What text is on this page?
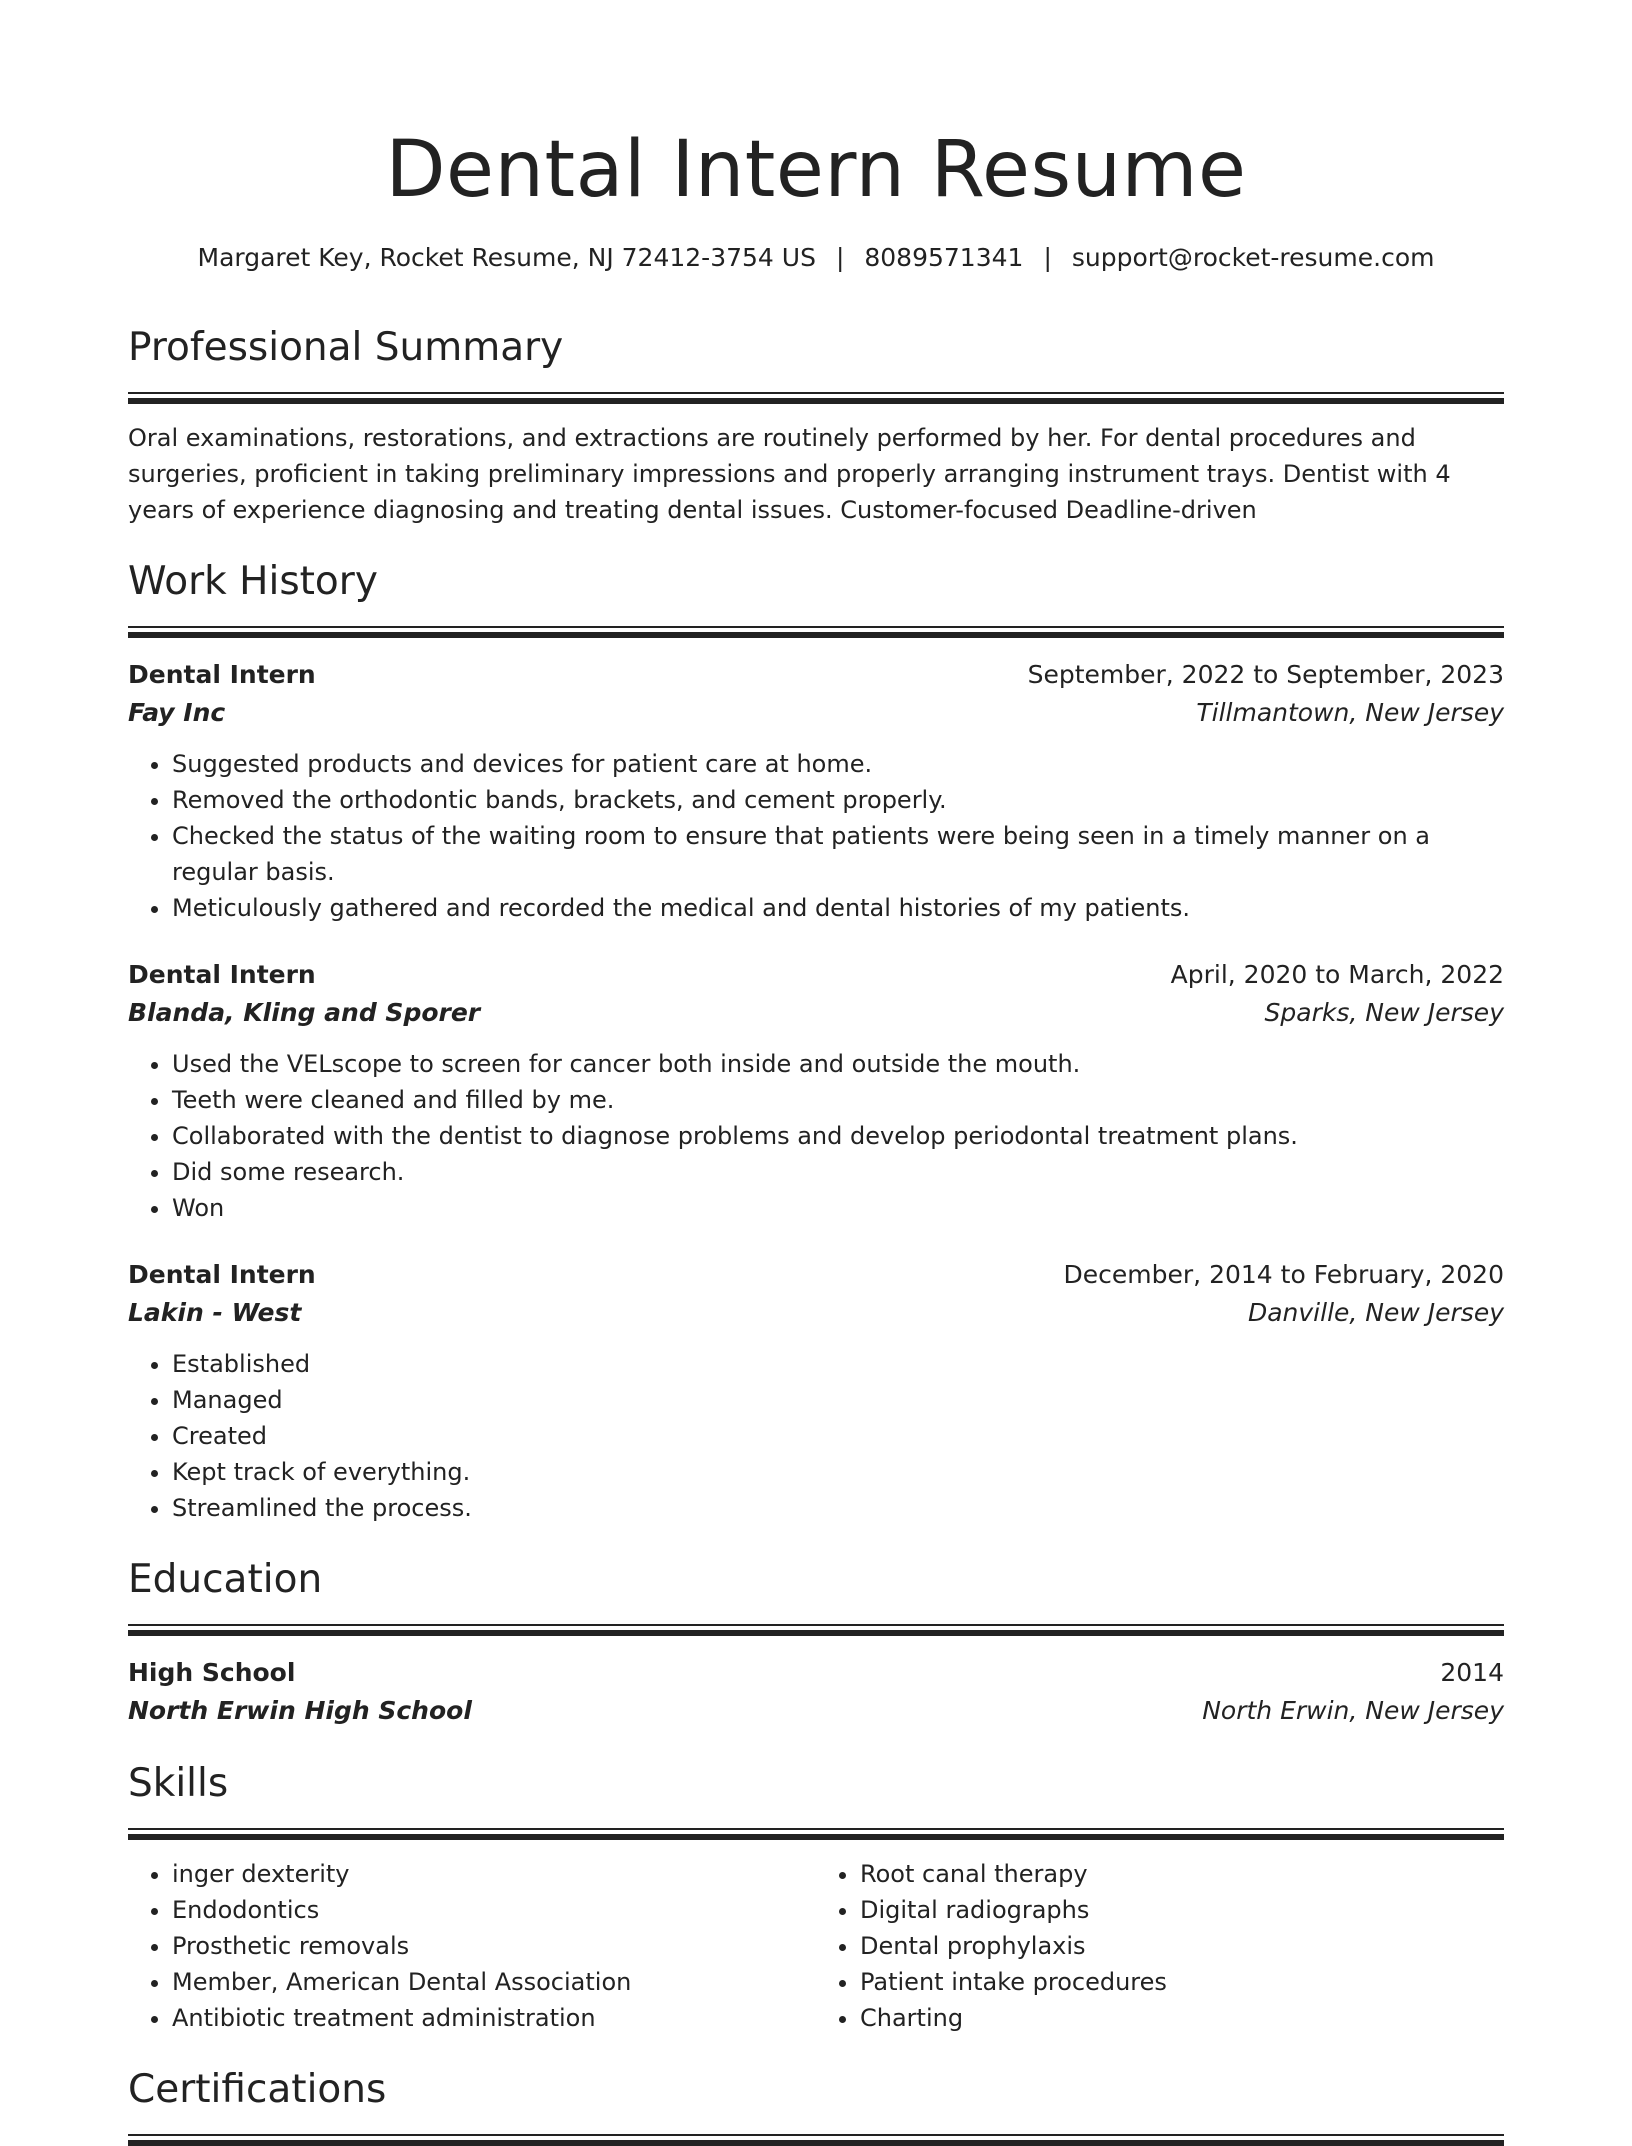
Dental Intern Resume
Margaret Key, Rocket Resume, NJ 72412-3754 US | 8089571341 | support@rocket-resume.com
Professional Summary

Oral examinations, restorations, and extractions are routinely performed by her. For dental procedures and surgeries, proficient in taking preliminary impressions and properly arranging instrument trays. Dentist with 4 years of experience diagnosing and treating dental issues. Customer-focused Deadline-driven

Work History
Dental Intern	September, 2022 to September, 2023
Fay Inc	Tillmantown, New Jersey
• Suggested products and devices for patient care at home.
• Removed the orthodontic bands, brackets, and cement properly.
• Checked the status of the waiting room to ensure that patients were being seen in a timely manner on a regular basis.
• Meticulously gathered and recorded the medical and dental histories of my patients.
Dental Intern	April, 2020 to March, 2022
Blanda, Kling and Sporer	Sparks, New Jersey
• Used the VELscope to screen for cancer both inside and outside the mouth.
• Teeth were cleaned and filled by me.
• Collaborated with the dentist to diagnose problems and develop periodontal treatment plans.
• Did some research.
• Won
Dental Intern	December, 2014 to February, 2020
Lakin - West	Danville, New Jersey
• Established
• Managed
• Created
• Kept track of everything.
• Streamlined the process.
Education
High School	2014
North Erwin High School	North Erwin, New Jersey
Skills
• inger dexterity
• Endodontics
• Prosthetic removals
• Member, American Dental Association
• Antibiotic treatment administration
• Root canal therapy
• Digital radiographs
• Dental prophylaxis
• Patient intake procedures
• Charting
Certifications
